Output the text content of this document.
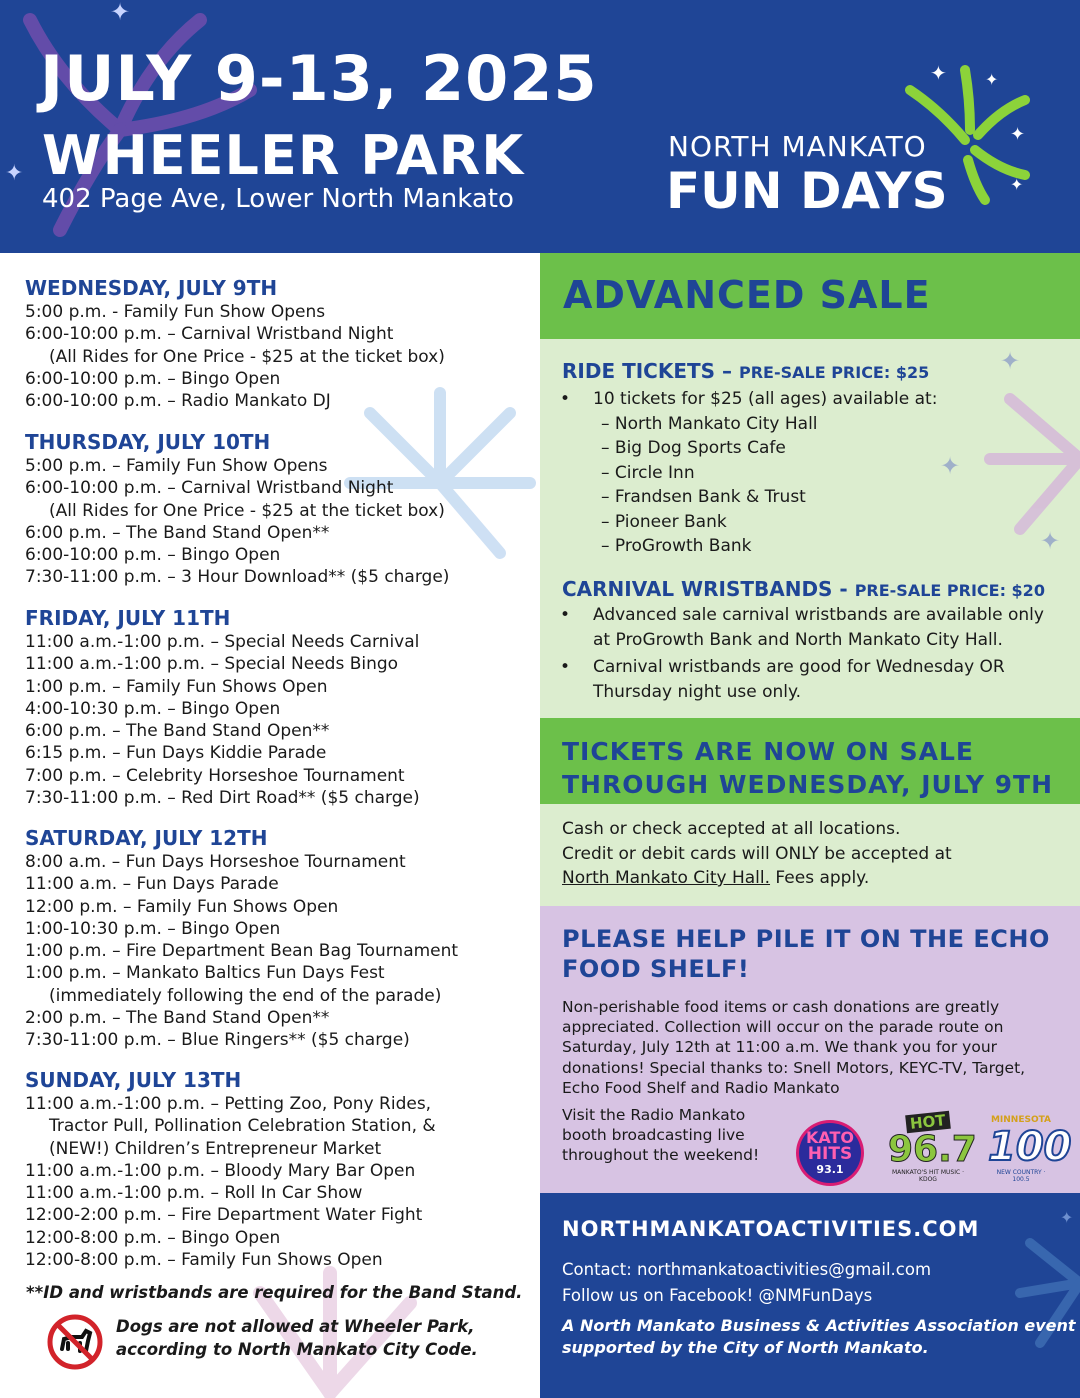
✦
✦
✦
✦
✦
✦
JULY 9-13, 2025
WHEELER PARK
402 Page Ave, Lower North Mankato
NORTH MANKATO
FUN DAYS
WEDNESDAY, JULY 9TH
5:00 p.m. - Family Fun Show Opens
6:00-10:00 p.m. – Carnival Wristband Night
(All Rides for One Price - $25 at the ticket box)
6:00-10:00 p.m. – Bingo Open
6:00-10:00 p.m. – Radio Mankato DJ
THURSDAY, JULY 10TH
5:00 p.m. – Family Fun Show Opens
6:00-10:00 p.m. – Carnival Wristband Night
(All Rides for One Price - $25 at the ticket box)
6:00 p.m. – The Band Stand Open**
6:00-10:00 p.m. – Bingo Open
7:30-11:00 p.m. – 3 Hour Download** ($5 charge)
FRIDAY, JULY 11TH
11:00 a.m.-1:00 p.m. – Special Needs Carnival
11:00 a.m.-1:00 p.m. – Special Needs Bingo
1:00 p.m. – Family Fun Shows Open
4:00-10:30 p.m. – Bingo Open
6:00 p.m. – The Band Stand Open**
6:15 p.m. – Fun Days Kiddie Parade
7:00 p.m. – Celebrity Horseshoe Tournament
7:30-11:00 p.m. – Red Dirt Road** ($5 charge)
SATURDAY, JULY 12TH
8:00 a.m. – Fun Days Horseshoe Tournament
11:00 a.m. – Fun Days Parade
12:00 p.m. – Family Fun Shows Open
1:00-10:30 p.m. – Bingo Open
1:00 p.m. – Fire Department Bean Bag Tournament
1:00 p.m. – Mankato Baltics Fun Days Fest
(immediately following the end of the parade)
2:00 p.m. – The Band Stand Open**
7:30-11:00 p.m. – Blue Ringers** ($5 charge)
SUNDAY, JULY 13TH
11:00 a.m.-1:00 p.m. – Petting Zoo, Pony Rides,
Tractor Pull, Pollination Celebration Station, &
(NEW!) Children’s Entrepreneur Market
11:00 a.m.-1:00 p.m. – Bloody Mary Bar Open
11:00 a.m.-1:00 p.m. – Roll In Car Show
12:00-2:00 p.m. – Fire Department Water Fight
12:00-8:00 p.m. – Bingo Open
12:00-8:00 p.m. – Family Fun Shows Open
**ID and wristbands are required for the Band Stand.
Dogs are not allowed at Wheeler Park,
according to North Mankato City Code.
ADVANCED SALE
✦
✦
✦
RIDE TICKETS – PRE-SALE PRICE: $25
• 10 tickets for $25 (all ages) available at:
– North Mankato City Hall
– Big Dog Sports Cafe
– Circle Inn
– Frandsen Bank & Trust
– Pioneer Bank
– ProGrowth Bank
CARNIVAL WRISTBANDS - PRE-SALE PRICE: $20
• Advanced sale carnival wristbands are available only
at ProGrowth Bank and North Mankato City Hall.
• Carnival wristbands are good for Wednesday OR
Thursday night use only.
TICKETS ARE NOW ON SALE
THROUGH WEDNESDAY, JULY 9TH
Cash or check accepted at all locations.
Credit or debit cards will ONLY be accepted at
North Mankato City Hall. Fees apply.
PLEASE HELP PILE IT ON THE ECHO
FOOD SHELF!
Non-perishable food items or cash donations are greatly
appreciated. Collection will occur on the parade route on
Saturday, July 12th at 11:00 a.m. We thank you for your
donations! Special thanks to: Snell Motors, KEYC-TV, Target,
Echo Food Shelf and Radio Mankato
Visit the Radio Mankato
booth broadcasting live
throughout the weekend!
KATO
HITS
93.1
HOT
96.7
MANKATO'S HIT MUSIC · KDOG
MINNESOTA
100
NEW COUNTRY · 100.5
✦
NORTHMANKATOACTIVITIES.COM
Contact: northmankatoactivities@gmail.com
Follow us on Facebook! @NMFunDays
A North Mankato Business & Activities Association event
supported by the City of North Mankato.
